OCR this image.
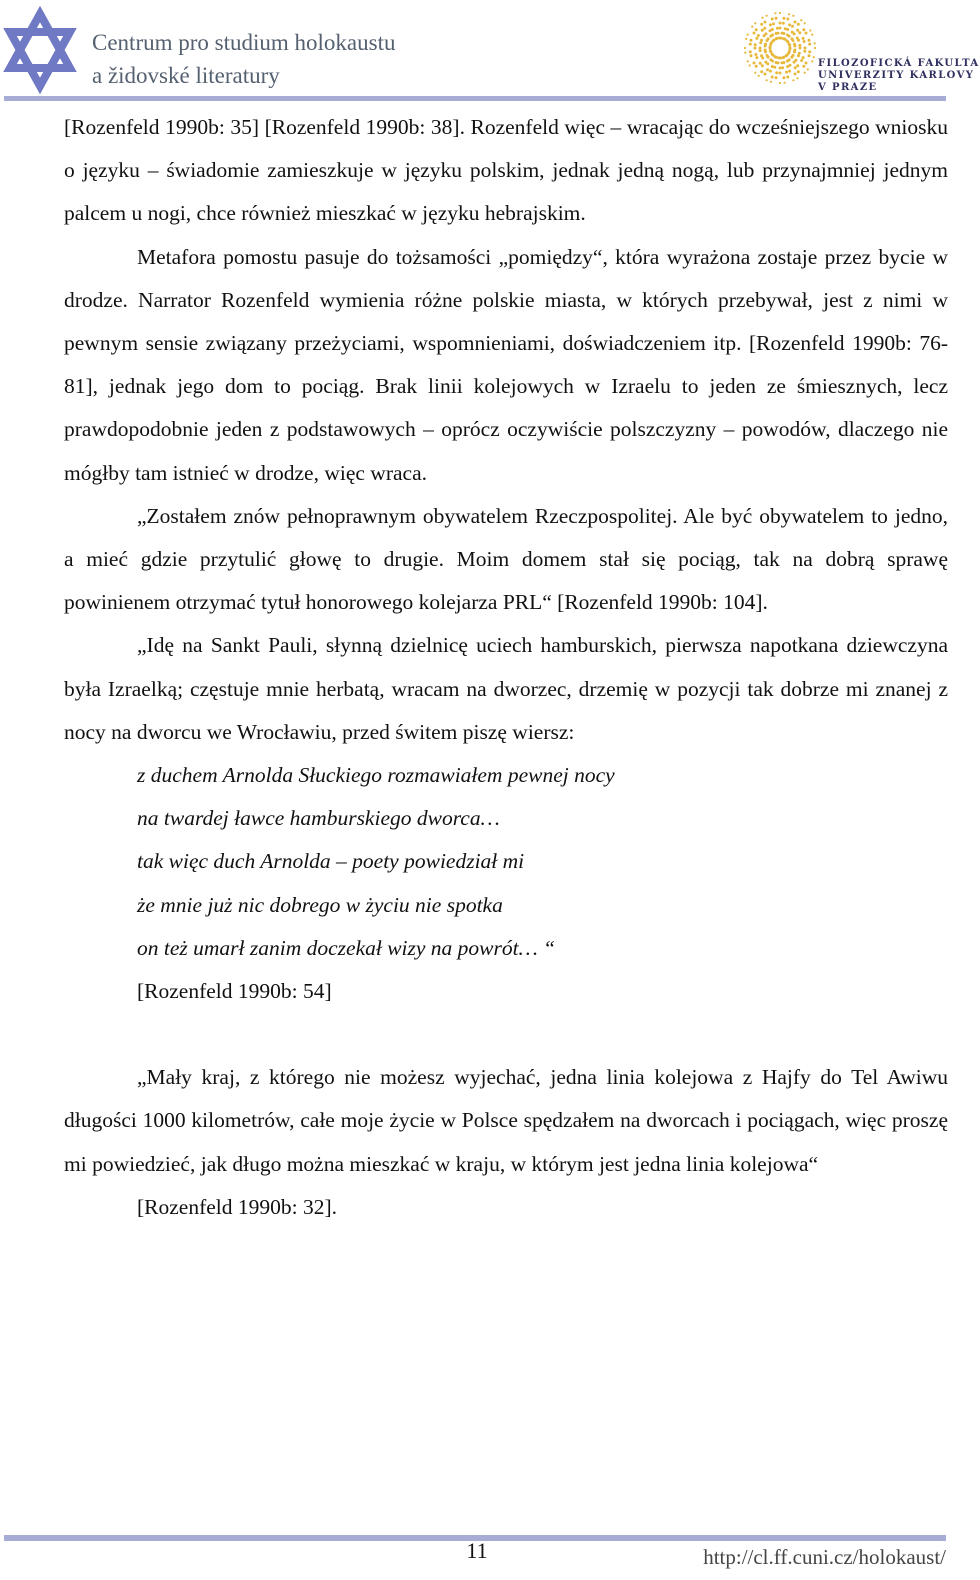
Centrum pro studium holokaustu
a židovské literatury	FILOZOFICKÁ FAKULTA
UNIVERZITY KARLOVY
V PRAZE

[Rozenfeld 1990b: 35] [Rozenfeld 1990b: 38]. Rozenfeld więc – wracając do wcześniejszego wniosku o języku – świadomie zamieszkuje w języku polskim, jednak jedną nogą, lub przynajmniej jednym palcem u nogi, chce również mieszkać w języku hebrajskim.

Metafora pomostu pasuje do tożsamości „pomiędzy“, która wyrażona zostaje przez bycie w drodze. Narrator Rozenfeld wymienia różne polskie miasta, w których przebywał, jest z nimi w pewnym sensie związany przeżyciami, wspomnieniami, doświadczeniem itp. [Rozenfeld 1990b: 76-81], jednak jego dom to pociąg. Brak linii kolejowych w Izraelu to jeden ze śmiesznych, lecz prawdopodobnie jeden z podstawowych – oprócz oczywiście polszczyzny – powodów, dlaczego nie mógłby tam istnieć w drodze, więc wraca.

„Zostałem znów pełnoprawnym obywatelem Rzeczpospolitej. Ale być obywatelem to jedno, a mieć gdzie przytulić głowę to drugie. Moim domem stał się pociąg, tak na dobrą sprawę powinienem otrzymać tytuł honorowego kolejarza PRL“ [Rozenfeld 1990b: 104].

„Idę na Sankt Pauli, słynną dzielnicę uciech hamburskich, pierwsza napotkana dziewczyna była Izraelką; częstuje mnie herbatą, wracam na dworzec, drzemię w pozycji tak dobrze mi znanej z nocy na dworcu we Wrocławiu, przed świtem piszę wiersz:

z duchem Arnolda Słuckiego rozmawiałem pewnej nocy
na twardej ławce hamburskiego dworca…
tak więc duch Arnolda – poety powiedział mi
że mnie już nic dobrego w życiu nie spotka
on też umarł zanim doczekał wizy na powrót… “
[Rozenfeld 1990b: 54]

„Mały kraj, z którego nie możesz wyjechać, jedna linia kolejowa z Hajfy do Tel Awiwu długości 1000 kilometrów, całe moje życie w Polsce spędzałem na dworcach i pociągach, więc proszę mi powiedzieć, jak długo można mieszkać w kraju, w którym jest jedna linia kolejowa“

[Rozenfeld 1990b: 32].
11	http://cl.ff.cuni.cz/holokaust/
